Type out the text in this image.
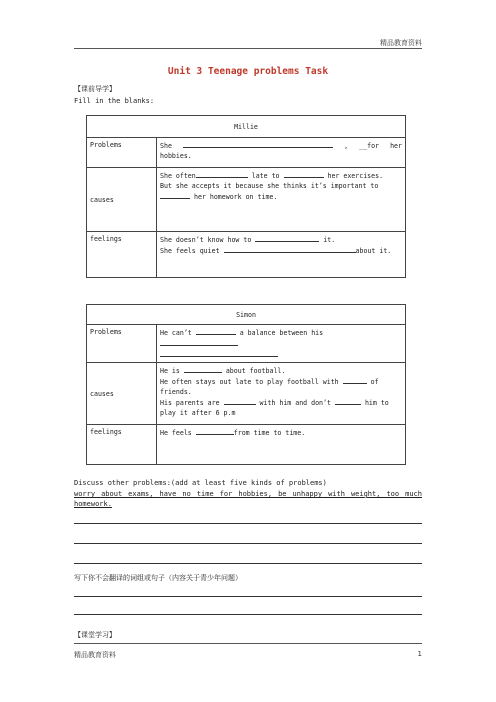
精品教育资料
Unit 3 Teenage problems Task
【课前导学】
Fill in the blanks:
Millie	
Problems	She , __for her hobbies.
causes	She often late to her exercises.
But she accepts it because she thinks it’s important to
her homework on time.

feelings	She doesn’t know how to it.
She feels quiet about it.
Simon	
Problems	He can’t a balance between his

causes	He is about football.
He often stays out late to play football with of friends.
His parents are with him and don’t him to play it after 6 p.m

feelings	He feels from time to time.
Discuss other problems:(add at least five kinds of problems)
worry about exams, have no time for hobbies, be unhappy with weight, too much homework.
写下你不会翻译的词组或句子（内容关于青少年问题）
【课堂学习】
精品教育资料	1
